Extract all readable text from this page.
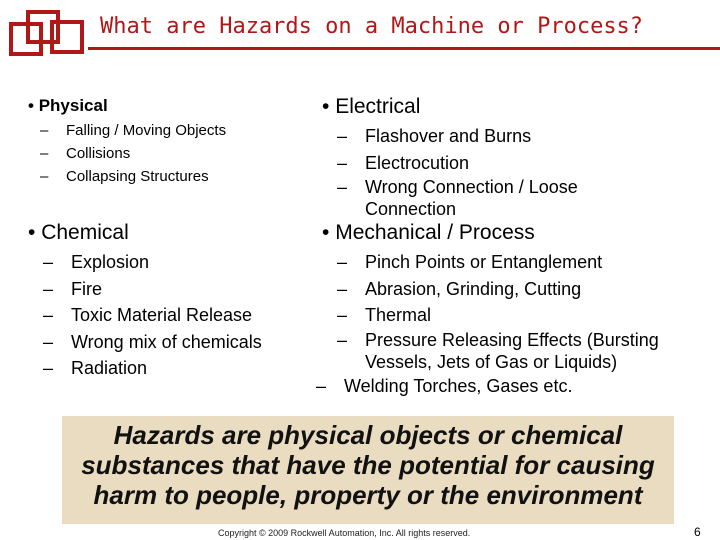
What are Hazards on a Machine or Process?
• Physical
– Falling / Moving Objects
– Collisions
– Collapsing Structures
• Chemical
– Explosion
– Fire
– Toxic Material Release
– Wrong mix of chemicals
– Radiation
• Electrical
– Flashover and Burns
– Electrocution
– Wrong Connection / Loose Connection
• Mechanical / Process
– Pinch Points or Entanglement
– Abrasion, Grinding, Cutting
– Thermal
– Pressure Releasing Effects (Bursting Vessels, Jets of Gas or Liquids)
– Welding Torches, Gases etc.
Hazards are physical objects or chemical substances that have the potential for causing harm to people, property or the environment
Copyright © 2009 Rockwell Automation, Inc. All rights reserved.	6
